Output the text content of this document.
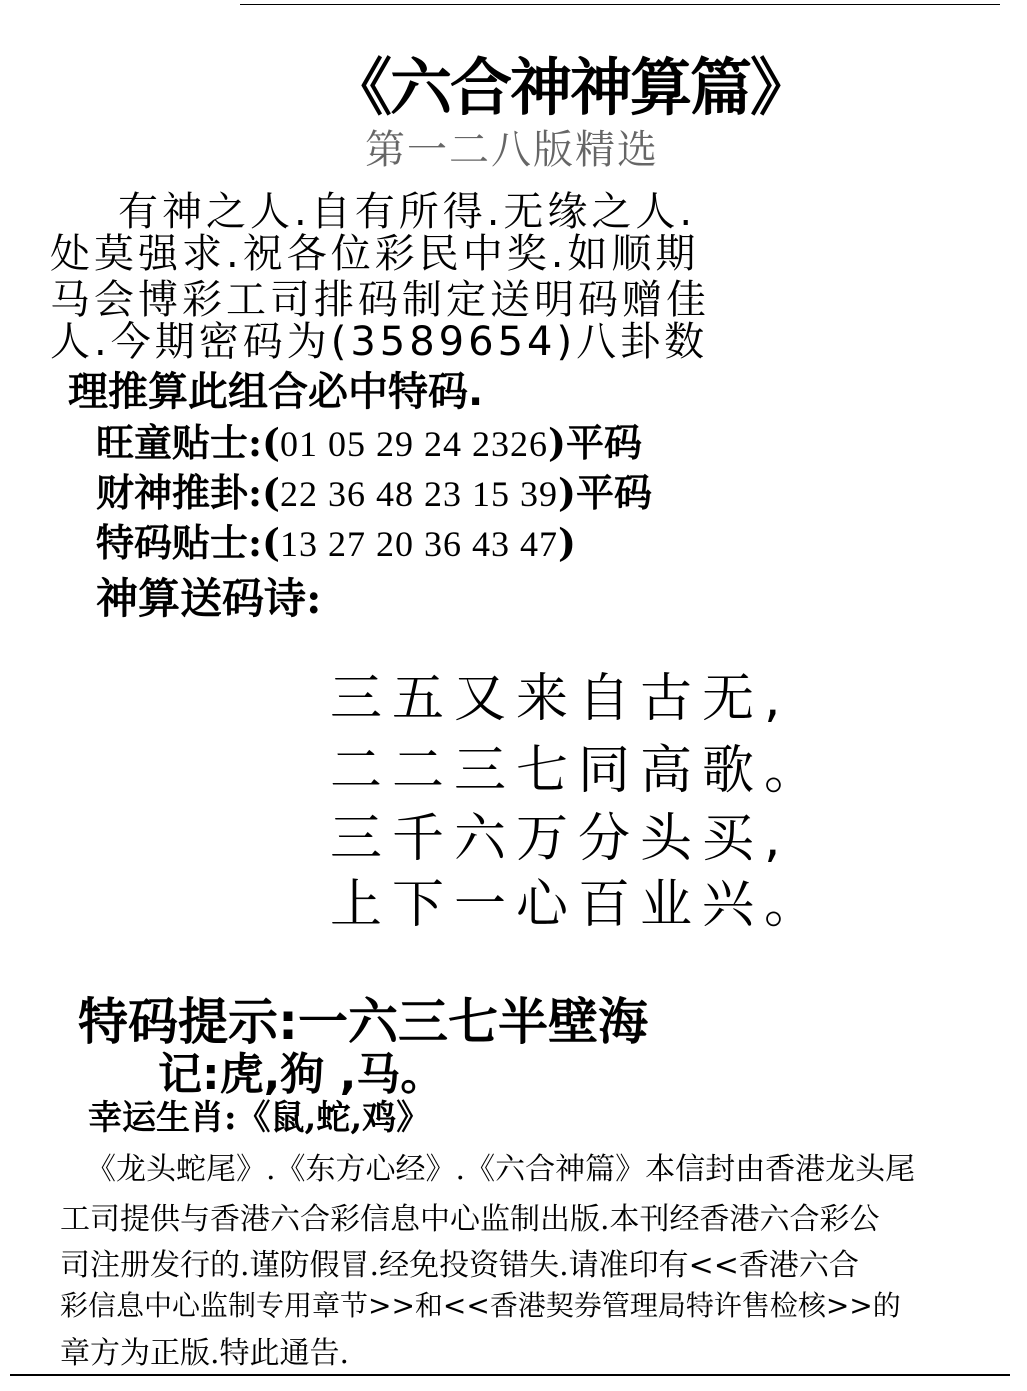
《六合神神算篇》
第一二八版精选
有神之人.自有所得.无缘之人.
处莫强求.祝各位彩民中奖.如顺期
马会博彩工司排码制定送明码赠佳
人.今期密码为(3589654)八卦数
理推算此组合必中特码.
旺童贴士:(01 05 29 24 2326)平码
财神推卦:(22 36 48 23 15 39)平码
特码贴士:(13 27 20 36 43 47)
神算送码诗:
三五又来自古无,
二二三七同高歌。
三千六万分头买,
上下一心百业兴。
特码提示:一六三七半壁海
记:虎,狗 ,马。
幸运生肖:《鼠,蛇,鸡》
《龙头蛇尾》.《东方心经》.《六合神篇》本信封由香港龙头尾
工司提供与香港六合彩信息中心监制出版.本刊经香港六合彩公
司注册发行的.谨防假冒.经免投资错失.请准印有<<香港六合
彩信息中心监制专用章节>>和<<香港契券管理局特许售检核>>的
章方为正版.特此通告.
